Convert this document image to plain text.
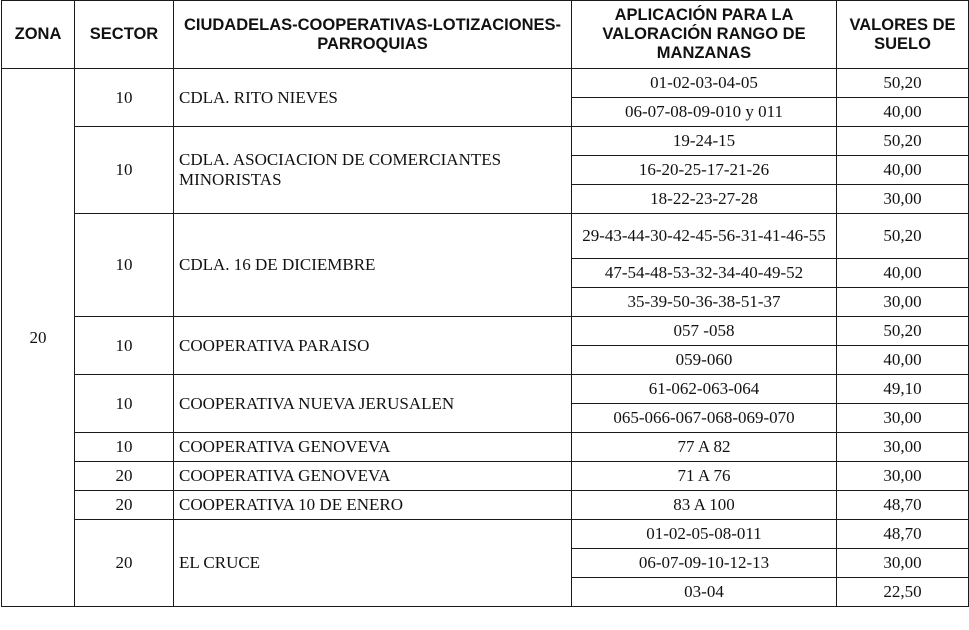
ZONA	SECTOR	CIUDADELAS-COOPERATIVAS-LOTIZACIONES-PARROQUIAS	APLICACIÓN PARA LA VALORACIÓN RANGO DE MANZANAS	VALORES DE SUELO
20	10	CDLA. RITO NIEVES	01-02-03-04-05	50,20
			06-07-08-09-010 y 011	40,00
	10	CDLA. ASOCIACION DE COMERCIANTES MINORISTAS	19-24-15	50,20
			16-20-25-17-21-26	40,00
			18-22-23-27-28	30,00
	10	CDLA. 16 DE DICIEMBRE	29-43-44-30-42-45-56-31-41-46-55	50,20
			47-54-48-53-32-34-40-49-52	40,00
			35-39-50-36-38-51-37	30,00
	10	COOPERATIVA PARAISO	057 -058	50,20
			059-060	40,00
	10	COOPERATIVA NUEVA JERUSALEN	61-062-063-064	49,10
			065-066-067-068-069-070	30,00
	10	COOPERATIVA GENOVEVA	77 A 82	30,00
	20	COOPERATIVA GENOVEVA	71 A 76	30,00
	20	COOPERATIVA 10 DE ENERO	83 A 100	48,70
	20	EL CRUCE	01-02-05-08-011	48,70
			06-07-09-10-12-13	30,00
			03-04	22,50
